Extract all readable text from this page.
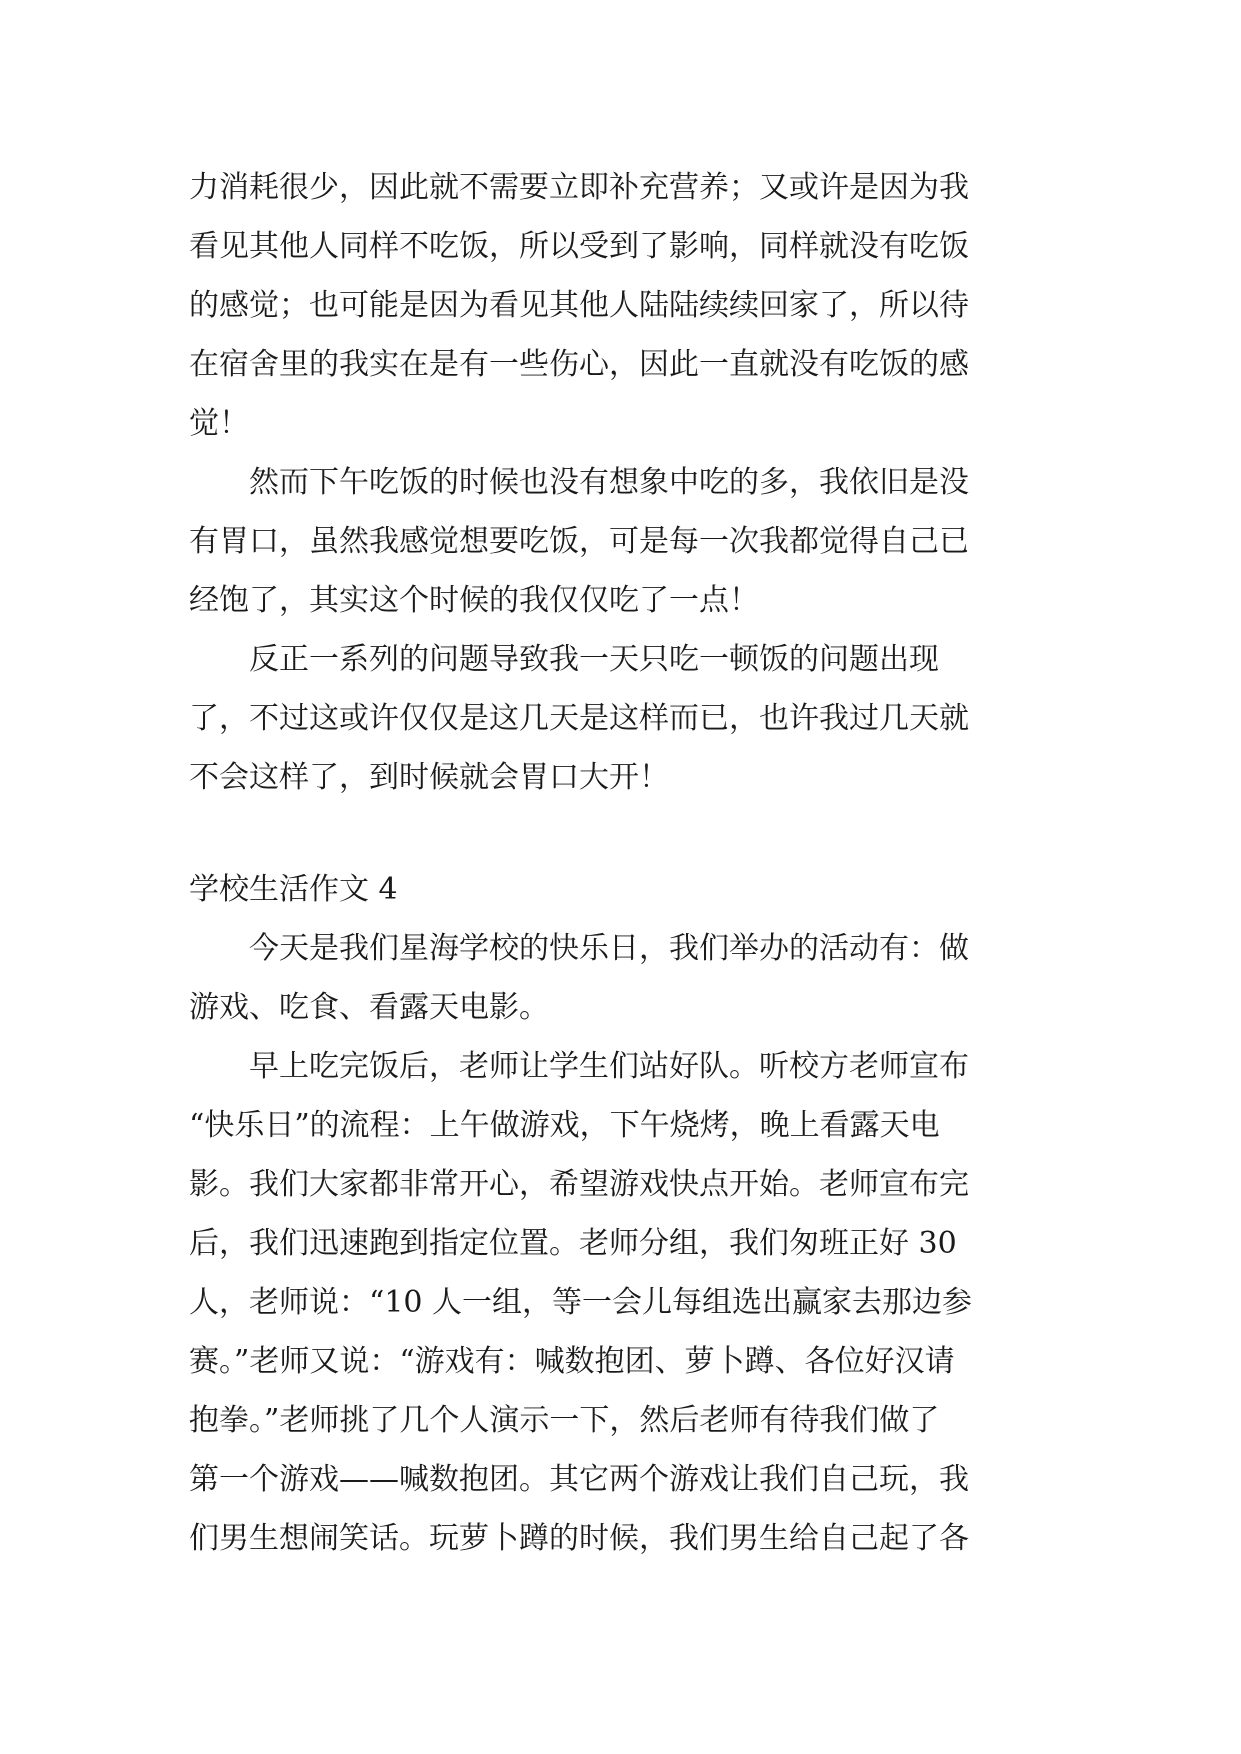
力消耗很少，因此就不需要立即补充营养；又或许是因为我
看见其他人同样不吃饭，所以受到了影响，同样就没有吃饭
的感觉；也可能是因为看见其他人陆陆续续回家了，所以待
在宿舍里的我实在是有一些伤心，因此一直就没有吃饭的感
觉！
　　然而下午吃饭的时候也没有想象中吃的多，我依旧是没
有胃口，虽然我感觉想要吃饭，可是每一次我都觉得自己已
经饱了，其实这个时候的我仅仅吃了一点！
　　反正一系列的问题导致我一天只吃一顿饭的问题出现
了，不过这或许仅仅是这几天是这样而已，也许我过几天就
不会这样了，到时候就会胃口大开！
学校生活作文 4
　　今天是我们星海学校的快乐日，我们举办的活动有：做
游戏、吃食、看露天电影。
　　早上吃完饭后，老师让学生们站好队。听校方老师宣布
“快乐日”的流程：上午做游戏，下午烧烤，晚上看露天电
影。我们大家都非常开心，希望游戏快点开始。老师宣布完
后，我们迅速跑到指定位置。老师分组，我们匆班正好 30
人，老师说：“10 人一组，等一会儿每组选出赢家去那边参
赛。”老师又说：“游戏有：喊数抱团、萝卜蹲、各位好汉请
抱拳。”老师挑了几个人演示一下，然后老师有待我们做了
第一个游戏——喊数抱团。其它两个游戏让我们自己玩，我
们男生想闹笑话。玩萝卜蹲的时候，我们男生给自己起了各
